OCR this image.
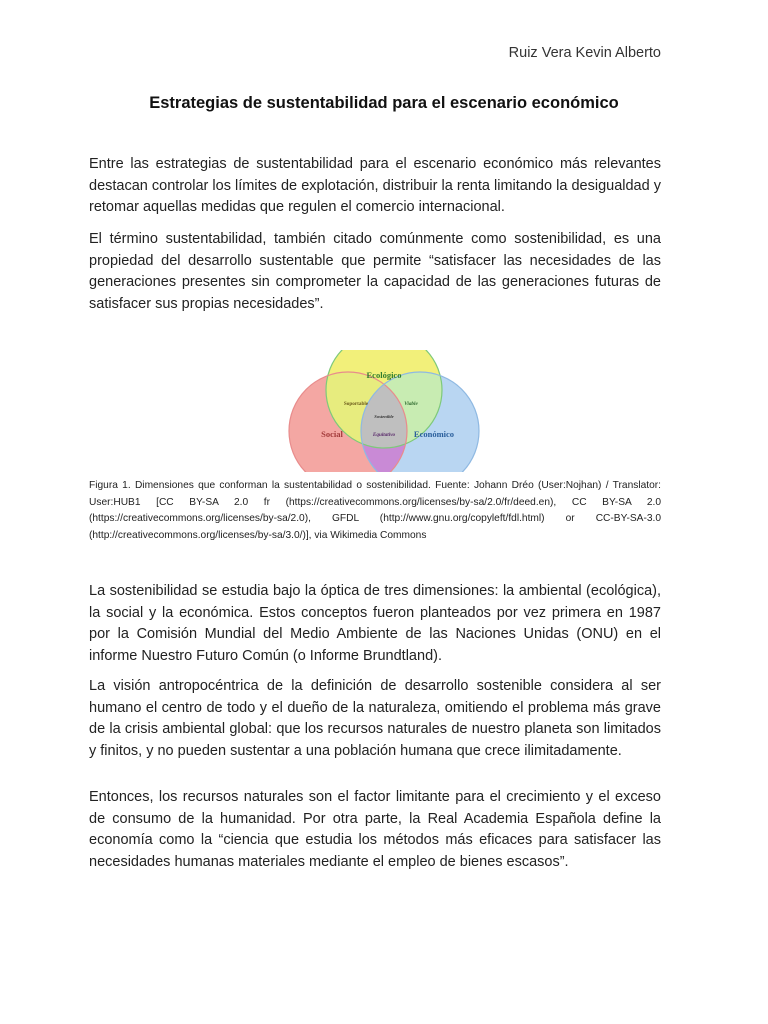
Ruiz Vera Kevin Alberto
Estrategias de sustentabilidad para el escenario económico

Entre las estrategias de sustentabilidad para el escenario económico más relevantes destacan controlar los límites de explotación, distribuir la renta limitando la desigualdad y retomar aquellas medidas que regulen el comercio internacional.

El término sustentabilidad, también citado comúnmente como sostenibilidad, es una propiedad del desarrollo sustentable que permite “satisfacer las necesidades de las generaciones presentes sin comprometer la capacidad de las generaciones futuras de satisfacer sus propias necesidades”.

Ecológico
Social	Económico
Soportable	Viable
Equitativo
Sostenible

Figura 1. Dimensiones que conforman la sustentabilidad o sostenibilidad. Fuente: Johann Dréo (User:Nojhan) / Translator: User:HUB1 [CC BY-SA 2.0 fr (https://creativecommons.org/licenses/by-sa/2.0/fr/deed.en), CC BY-SA 2.0 (https://creativecommons.org/licenses/by-sa/2.0), GFDL (http://www.gnu.org/copyleft/fdl.html) or CC-BY-SA-3.0 (http://creativecommons.org/licenses/by-sa/3.0/)], via Wikimedia Commons

La sostenibilidad se estudia bajo la óptica de tres dimensiones: la ambiental (ecológica), la social y la económica. Estos conceptos fueron planteados por vez primera en 1987 por la Comisión Mundial del Medio Ambiente de las Naciones Unidas (ONU) en el informe Nuestro Futuro Común (o Informe Brundtland).

La visión antropocéntrica de la definición de desarrollo sostenible considera al ser humano el centro de todo y el dueño de la naturaleza, omitiendo el problema más grave de la crisis ambiental global: que los recursos naturales de nuestro planeta son limitados y finitos, y no pueden sustentar a una población humana que crece ilimitadamente.

Entonces, los recursos naturales son el factor limitante para el crecimiento y el exceso de consumo de la humanidad. Por otra parte, la Real Academia Española define la economía como la “ciencia que estudia los métodos más eficaces para satisfacer las necesidades humanas materiales mediante el empleo de bienes escasos”.
